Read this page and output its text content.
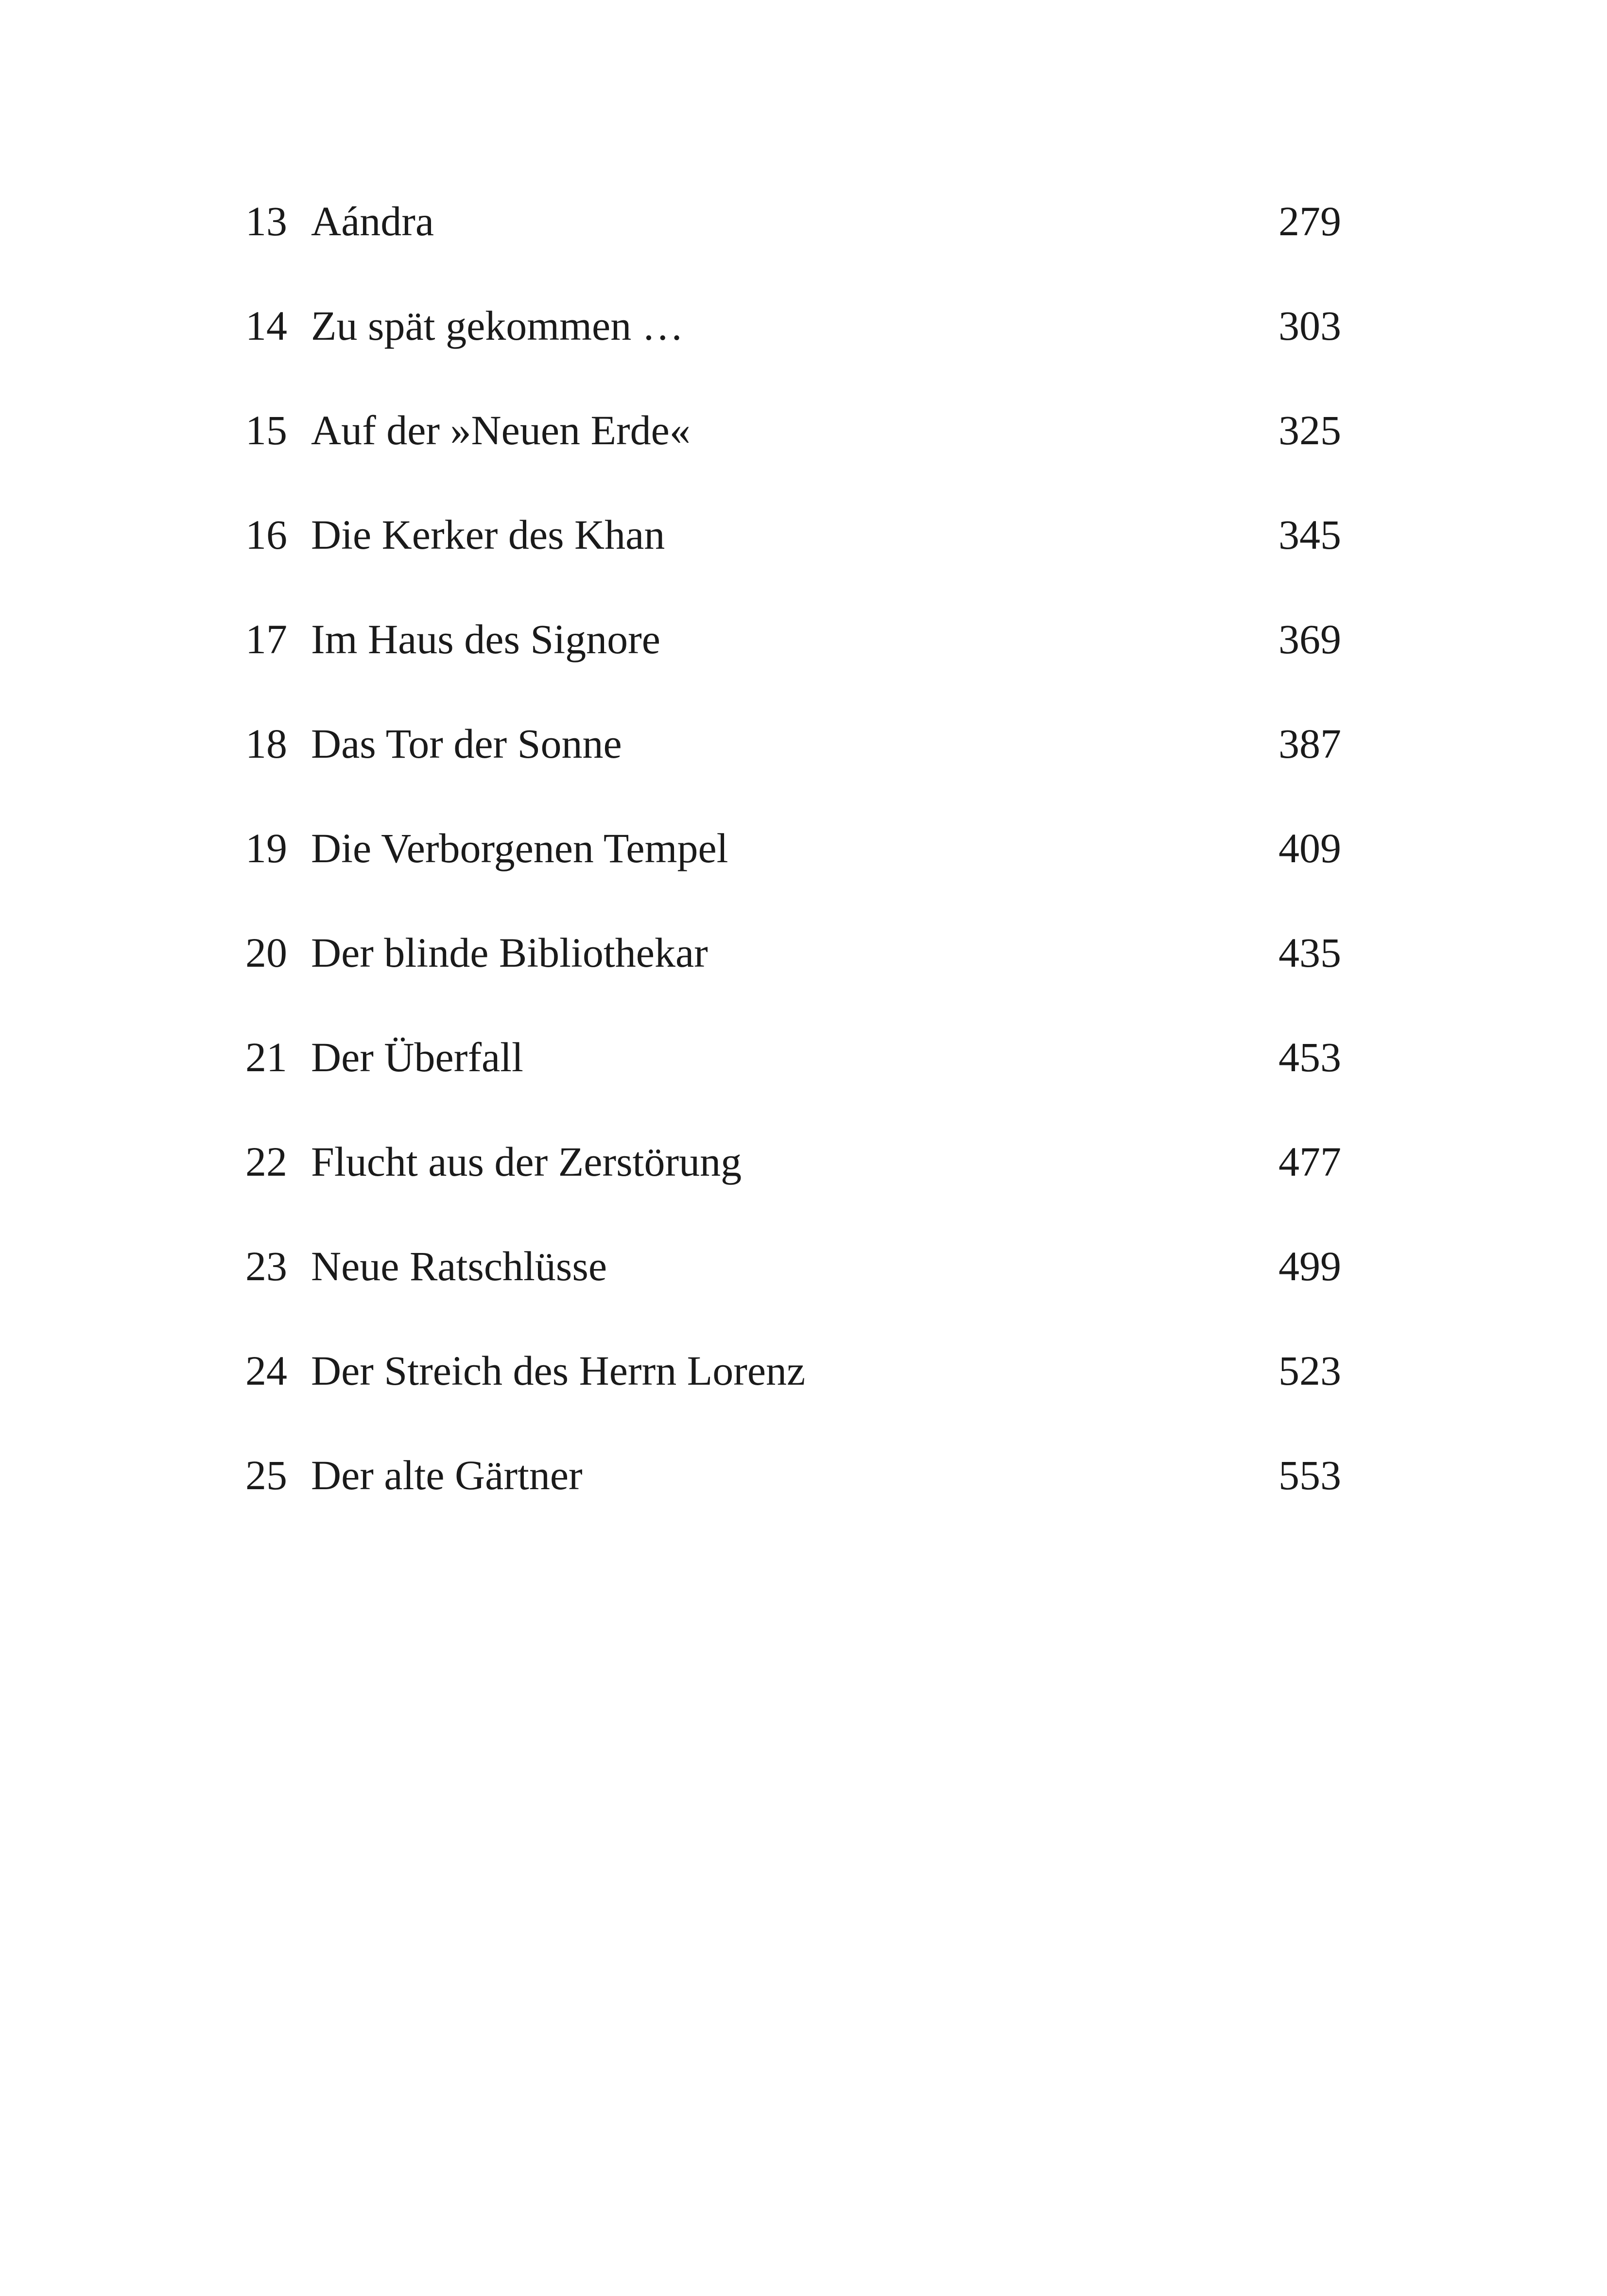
13 Aándra	279
14 Zu spät gekommen …	303
15 Auf der »Neuen Erde«	325
16 Die Kerker des Khan	345
17 Im Haus des Signore	369
18 Das Tor der Sonne	387
19 Die Verborgenen Tempel	409
20 Der blinde Bibliothekar	435
21 Der Überfall	453
22 Flucht aus der Zerstörung	477
23 Neue Ratschlüsse	499
24 Der Streich des Herrn Lorenz	523
25 Der alte Gärtner	553
